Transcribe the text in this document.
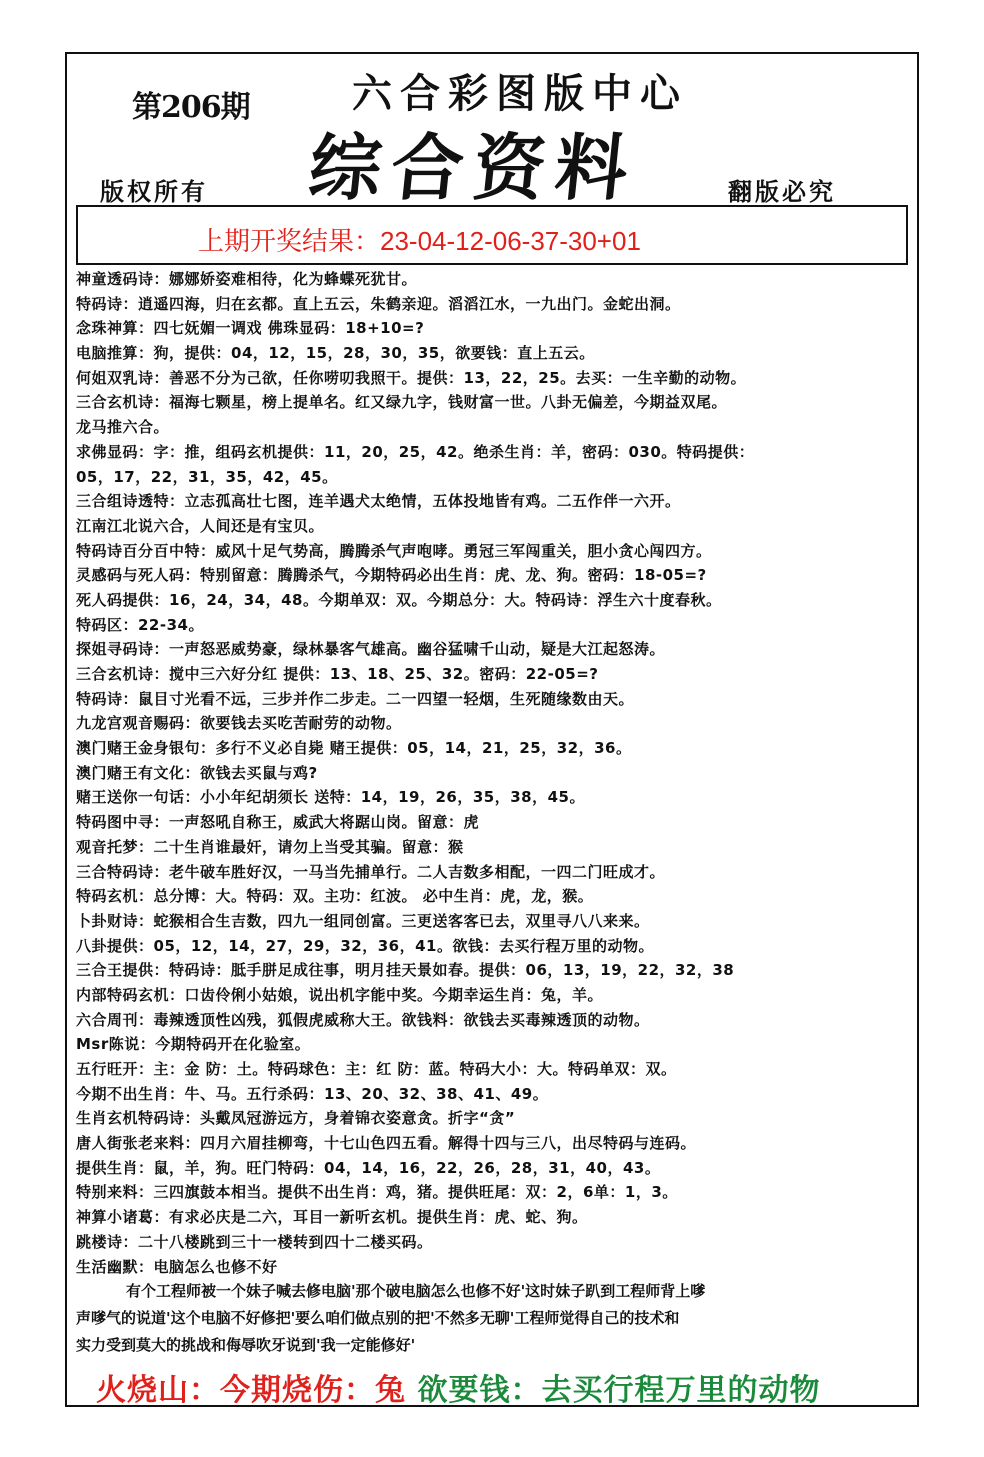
第206期	六合彩图版中心
综合资料
版权所有	翻版必究
上期开奖结果：23-04-12-06-37-30+01
神童透码诗：娜娜娇姿难相待，化为蜂蝶死犹甘。
特码诗：逍遥四海，归在玄都。直上五云，朱鹤亲迎。滔滔江水，一九出门。金蛇出洞。
念珠神算：四七妩媚一调戏 佛珠显码：18+10=?
电脑推算：狗，提供：04，12，15，28，30，35，欲要钱：直上五云。
何姐双乳诗：善恶不分为己欲，任你唠叨我照干。提供：13，22，25。去买：一生辛勤的动物。
三合玄机诗：福海七颗星，榜上提单名。红又绿九字，钱财富一世。八卦无偏差，今期益双尾。
龙马推六合。
求佛显码：字：推，组码玄机提供：11，20，25，42。绝杀生肖：羊，密码：030。特码提供：
05，17，22，31，35，42，45。
三合组诗透特：立志孤高壮七图，连羊遇犬太绝情，五体投地皆有鸡。二五作伴一六开。
江南江北说六合，人间还是有宝贝。
特码诗百分百中特：威风十足气势高，腾腾杀气声咆哮。勇冠三军闯重关，胆小贪心闯四方。
灵感码与死人码：特别留意：腾腾杀气，今期特码必出生肖：虎、龙、狗。密码：18-05=?
死人码提供：16，24，34，48。今期单双：双。今期总分：大。特码诗：浮生六十度春秋。
特码区：22-34。
探姐寻码诗：一声怒恶威势豪，绿林暴客气雄高。幽谷猛啸千山动，疑是大江起怒涛。
三合玄机诗：搅中三六好分红 提供：13、18、25、32。密码：22-05=?
特码诗：鼠目寸光看不远，三步并作二步走。二一四望一轻烟，生死随缘数由天。
九龙宫观音赐码：欲要钱去买吃苦耐劳的动物。
澳门赌王金身银句：多行不义必自毙 赌王提供：05，14，21，25，32，36。
澳门赌王有文化：欲钱去买鼠与鸡?
赌王送你一句话：小小年纪胡须长 送特：14，19，26，35，38，45。
特码图中寻：一声怒吼自称王，威武大将踞山岗。留意：虎
观音托梦：二十生肖谁最奸，请勿上当受其骗。留意：猴
三合特码诗：老牛破车胜好汉，一马当先捕单行。二人吉数多相配，一四二门旺成才。
特码玄机：总分博：大。特码：双。主功：红波。 必中生肖：虎，龙，猴。
卜卦财诗：蛇猴相合生吉数，四九一组同创富。三更送客客已去，双里寻八八来来。
八卦提供：05，12，14，27，29，32，36，41。欲钱：去买行程万里的动物。
三合王提供：特码诗：胝手胼足成往事，明月挂天景如春。提供：06，13，19，22，32，38
内部特码玄机：口齿伶俐小姑娘，说出机字能中奖。今期幸运生肖：兔，羊。
六合周刊：毒辣透顶性凶残，狐假虎威称大王。欲钱料：欲钱去买毒辣透顶的动物。
Msr陈说：今期特码开在化验室。
五行旺开：主：金 防：土。特码球色：主：红 防：蓝。特码大小：大。特码单双：双。
今期不出生肖：牛、马。五行杀码：13、20、32、38、41、49。
生肖玄机特码诗：头戴凤冠游远方，身着锦衣姿意贪。折字“贪”
唐人街张老来料：四月六眉挂柳弯，十七山色四五看。解得十四与三八，出尽特码与连码。
提供生肖：鼠，羊，狗。旺门特码：04，14，16，22，26，28，31，40，43。
特别来料：三四旗鼓本相当。提供不出生肖：鸡，猪。提供旺尾：双：2，6单：1，3。
神算小诸葛：有求必庆是二六，耳目一新听玄机。提供生肖：虎、蛇、狗。
跳楼诗：二十八楼跳到三十一楼转到四十二楼买码。
生活幽默：电脑怎么也修不好
有个工程师被一个妹子喊去修电脑'那个破电脑怎么也修不好'这时妹子趴到工程师背上嗲
声嗲气的说道'这个电脑不好修把'要么咱们做点别的把'不然多无聊'工程师觉得自己的技术和
实力受到莫大的挑战和侮辱吹牙说到'我一定能修好'
火烧山：今期烧伤：兔 欲要钱：去买行程万里的动物
